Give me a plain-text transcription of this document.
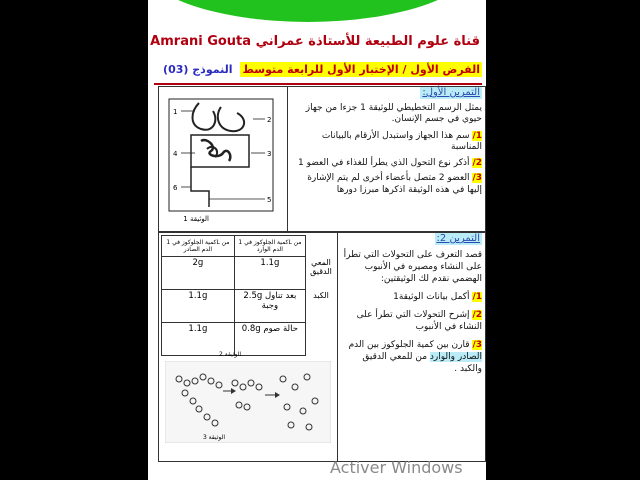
قناة علوم الطبيعة للأستاذة عمراني Amrani Gouta
الفرض الأول / الإختبار الأول للرابعة متوسط
النموذج (03)
1
2
3
4
5
6
الوثيقة 1
التمرين الأول:
يمثل الرسم التخطيطي للوثيقة 1 جزءا من جهاز حيوي في جسم الإنسان.
1/ سم هذا الجهاز واستبدل الأرقام بالبيانات المناسبة
2/ أذكر نوع التحول الذي يطرأ للغذاء في العضو 1
3/ العضو 2 متصل بأعضاء أخرى لم يتم الإشارة إليها في هذه الوثيقة اذكرها مبرزا دورها
كمية الجلوكوز في 1L من الدم الصادر	كمية الجلوكوز في 1L من الدم الوارد	
2g	1.1g	المعي الدقيق
1.1g	2.5g بعد تناول وجبة	الكبد
1.1g	0.8g حالة صوم	
الوثيقة 2
الوثيقة 3
التمرين 2:
قصد التعرف على التحولات التي تطرأ على النشاء ومصيره في الأنبوب الهضمي نقدم لك الوثيقتين:
1/ أكمل بيانات الوثيقة1
2/ إشرح التحولات التي تطرأ على النشاء في الأنبوب
3/ قارن بين كمية الجلوكوز بين الدم الصادر والوارد من للمعي الدقيق والكبد .
Activer Windows
